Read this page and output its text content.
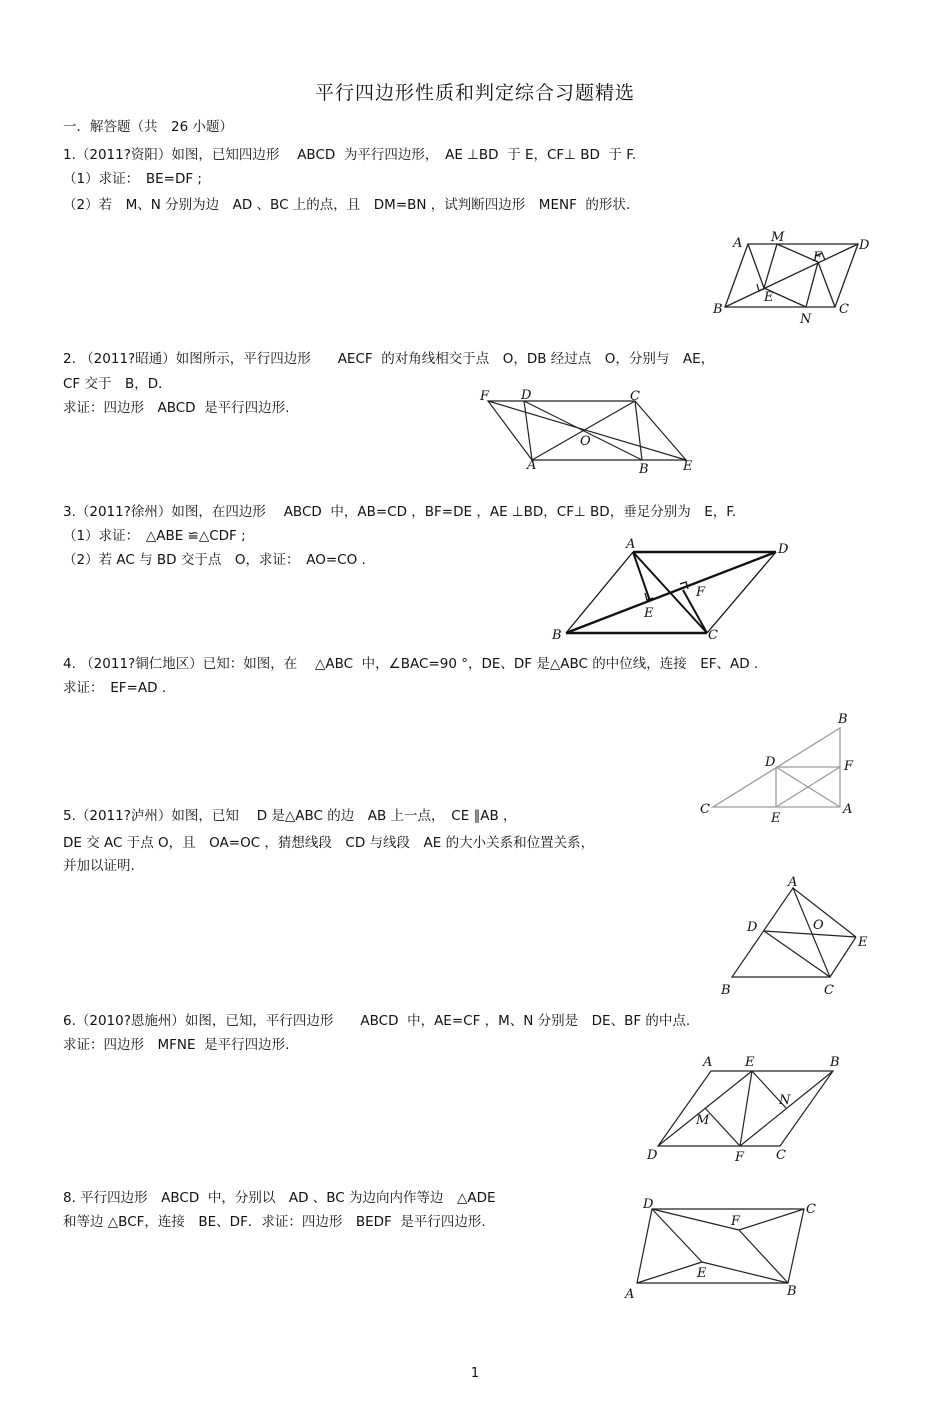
平行四边形性质和判定综合习题精选
一．解答题（共　26 小题）
1.（2011?资阳）如图，已知四边形　 ABCD  为平行四边形，　AE ⊥BD  于 E，CF⊥ BD  于 F.
（1）求证：　BE=DF ;
（2）若　M、N 分别为边　AD 、BC 上的点，且　DM=BN ，试判断四边形　MENF  的形状.
A M
D
F
E
B
N
C
2. （2011?昭通）如图所示，平行四边形　　AECF  的对角线相交于点　O，DB 经过点　O，分别与　AE，
CF 交于　B，D．
求证：四边形　ABCD  是平行四边形.
F D	C
O
A	B	E
3.（2011?徐州）如图，在四边形　 ABCD  中，AB=CD ，BF=DE ，AE ⊥BD，CF⊥ BD，垂足分别为　E，F.
（1）求证：　△ABE ≌△CDF ;
（2）若 AC 与 BD 交于点　O，求证：　AO=CO .
A	D
F
E
B	C
4. （2011?铜仁地区）已知：如图，在　 △ABC  中，∠BAC=90 °，DE、DF 是△ABC 的中位线，连接　EF、AD .
求证：　EF=AD .
B
D	F
C
E
A
5.（2011?泸州）如图，已知　 D 是△ABC 的边　AB 上一点，　CE ∥AB ，
DE 交 AC 于点 O，且　OA=OC ，猜想线段　CD 与线段　AE 的大小关系和位置关系，
并加以证明.
A
D	O
E
B	C
6.（2010?恩施州）如图，已知，平行四边形　　ABCD  中，AE=CF ，M、N 分别是　DE、BF 的中点.
求证：四边形　MFNE  是平行四边形.
A	E	B
N
M
D	F C
8. 平行四边形　ABCD  中，分别以　AD 、BC 为边向内作等边　△ADE
和等边 △BCF，连接　BE、DF．求证：四边形　BEDF  是平行四边形.
D	C
F
E
A	B
1
